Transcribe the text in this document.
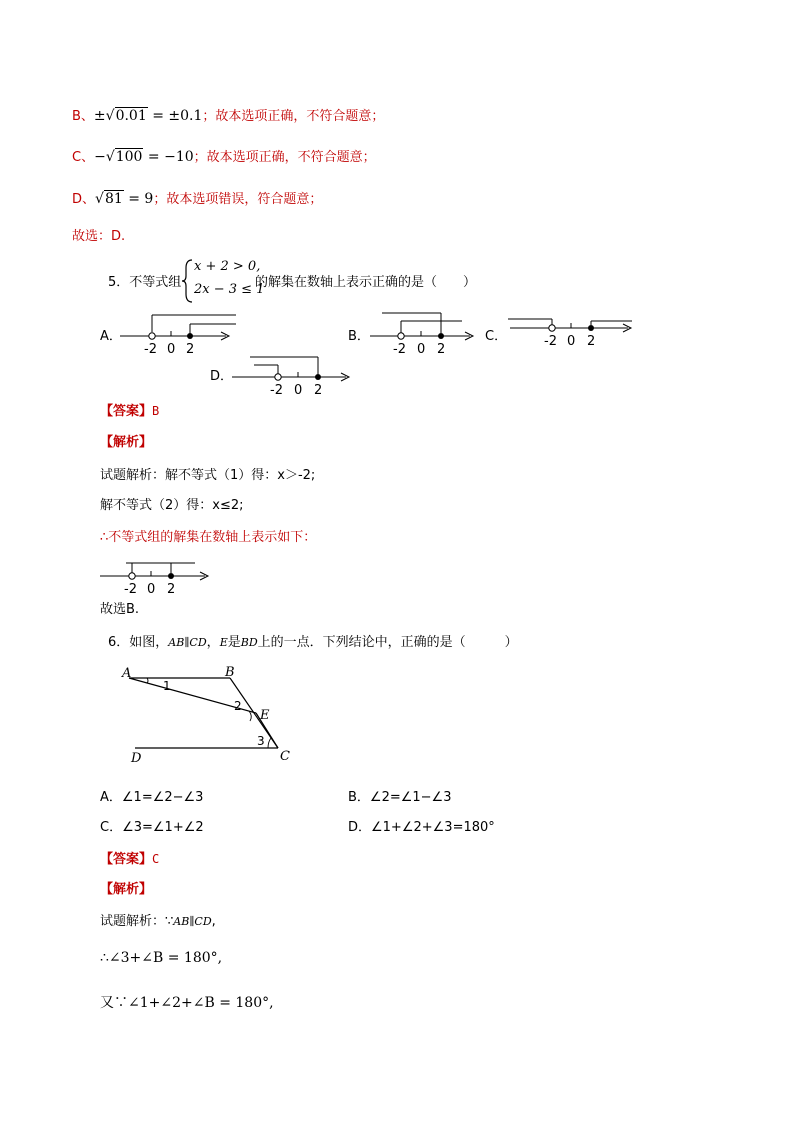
B、±√0.01 = ±0.1；故本选项正确，不符合题意；
C、−√100 = −10；故本选项正确，不符合题意；
D、√81 = 9；故本选项错误，符合题意；
故选：D.
5．不等式组
x + 2 > 0,
2x − 3 ≤ 1
的解集在数轴上表示正确的是（　　）
A．
-2 0 2
B．
-2 0 2
C．	-2 0 2
D．
-2 0 2
【答案】B
【解析】
试题解析：解不等式（1）得：x＞-2;
解不等式（2）得：x≤2;
∴不等式组的解集在数轴上表示如下：
-2 0 2
故选B.
6．如图，AB∥CD，E是BD上的一点．下列结论中，正确的是（　　　）
A	B
E
C
D
1
2
3
A．∠1=∠2−∠3	B．∠2=∠1−∠3
C．∠3=∠1+∠2	D．∠1+∠2+∠3=180°
【答案】C
【解析】
试题解析：∵AB∥CD,
∴∠3+∠B = 180°,
又∵∠1+∠2+∠B = 180°,
